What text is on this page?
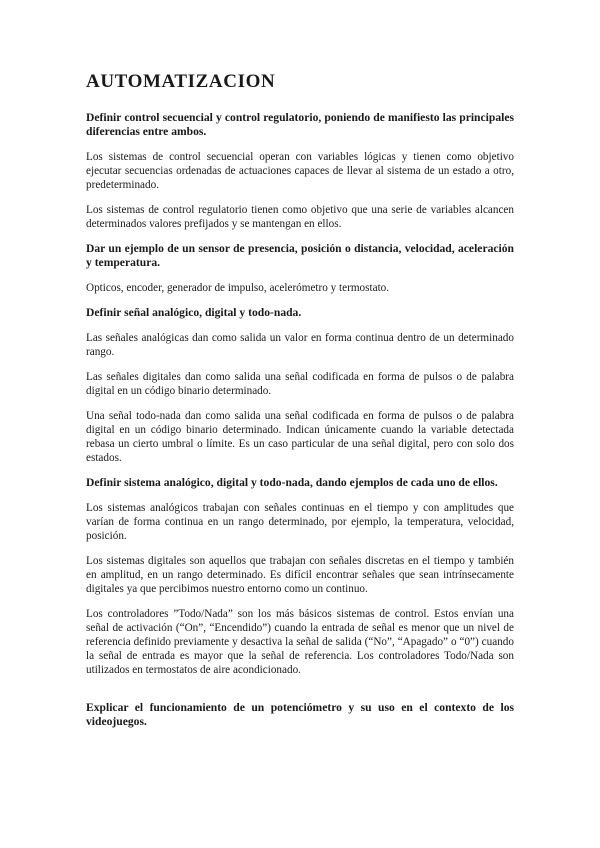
AUTOMATIZACION
Definir control secuencial y control regulatorio, poniendo de manifiesto las principales diferencias entre ambos.
Los sistemas de control secuencial operan con variables lógicas y tienen como objetivo ejecutar secuencias ordenadas de actuaciones capaces de llevar al sistema de un estado a otro, predeterminado.
Los sistemas de control regulatorio tienen como objetivo que una serie de variables alcancen determinados valores prefijados y se mantengan en ellos.
Dar un ejemplo de un sensor de presencia, posición o distancia, velocidad, aceleración y temperatura.
Opticos, encoder, generador de impulso, acelerómetro y termostato.
Definir señal analógico, digital y todo-nada.
Las señales analógicas dan como salida un valor en forma continua dentro de un determinado rango.
Las señales digitales dan como salida una señal codificada en forma de pulsos o de palabra digital en un código binario determinado.
Una señal todo-nada dan como salida una señal codificada en forma de pulsos o de palabra digital en un código binario determinado. Indican únicamente cuando la variable detectada rebasa un cierto umbral o límite. Es un caso particular de una señal digital, pero con solo dos estados.
Definir sistema analógico, digital y todo-nada, dando ejemplos de cada uno de ellos.
Los sistemas analógicos trabajan con señales continuas en el tiempo y con amplitudes que varían de forma continua en un rango determinado, por ejemplo, la temperatura, velocidad, posición.
Los sistemas digitales son aquellos que trabajan con señales discretas en el tiempo y también en amplitud, en un rango determinado. Es difícil encontrar señales que sean intrínsecamente digitales ya que percibimos nuestro entorno como un continuo.
Los controladores ”Todo/Nada” son los más básicos sistemas de control. Estos envían una señal de activación (“On”, “Encendido”) cuando la entrada de señal es menor que un nivel de referencia definido previamente y desactiva la señal de salida (“No”, “Apagado” o “0”) cuando la señal de entrada es mayor que la señal de referencia. Los controladores Todo/Nada son utilizados en termostatos de aire acondicionado.
Explicar el funcionamiento de un potenciómetro y su uso en el contexto de los videojuegos.
